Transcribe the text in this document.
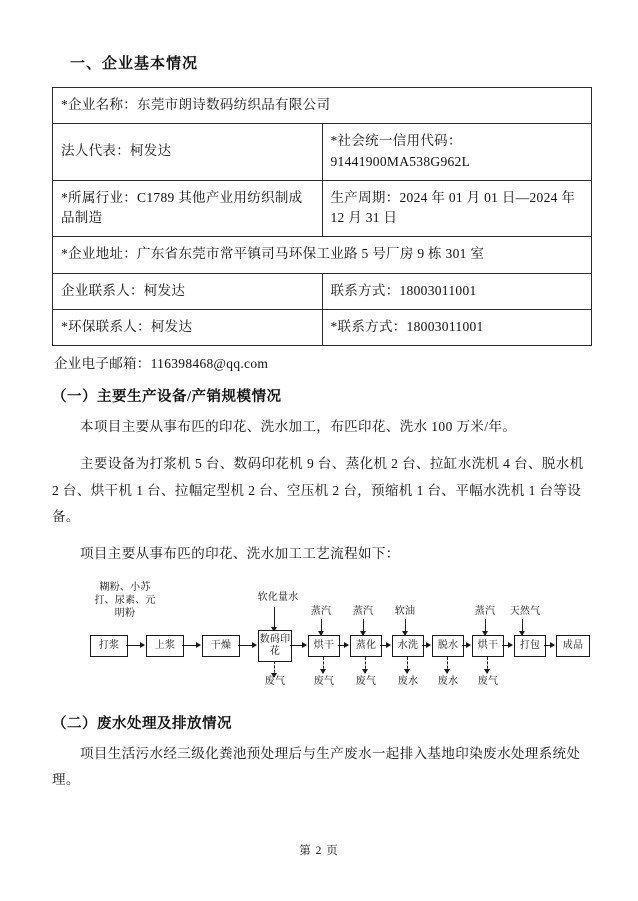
一、企业基本情况
*企业名称：东莞市朗诗数码纺织品有限公司	
法人代表：柯发达	*社会统一信用代码：91441900MA538G962L
*所属行业：C1789 其他产业用纺织制成品制造	生产周期：2024 年 01 月 01 日—2024 年 12 月 31 日
*企业地址：广东省东莞市常平镇司马环保工业路 5 号厂房 9 栋 301 室	
企业联系人：柯发达	联系方式：18003011001
*环保联系人：柯发达	*联系方式：18003011001
企业电子邮箱：116398468@qq.com
（一）主要生产设备/产销规模情况

本项目主要从事布匹的印花、洗水加工，布匹印花、洗水 100 万米/年。

主要设备为打浆机 5 台、数码印花机 9 台、蒸化机 2 台、拉缸水洗机 4 台、脱水机 2 台、烘干机 1 台、拉幅定型机 2 台、空压机 2 台，预缩机 1 台、平幅水洗机 1 台等设备。

项目主要从事布匹的印花、洗水加工工艺流程如下：

糊粉、小苏打、尿素、元明粉
软化量水
蒸汽	蒸汽	软油	蒸汽	天然气
打浆	上浆	干燥
数码印花
烘干	蒸化	水洗	脱水	烘干	打包	成品
废气	废气	废气	废水	废水	废气
（二）废水处理及排放情况

项目生活污水经三级化粪池预处理后与生产废水一起排入基地印染废水处理系统处理。

第 2 页
